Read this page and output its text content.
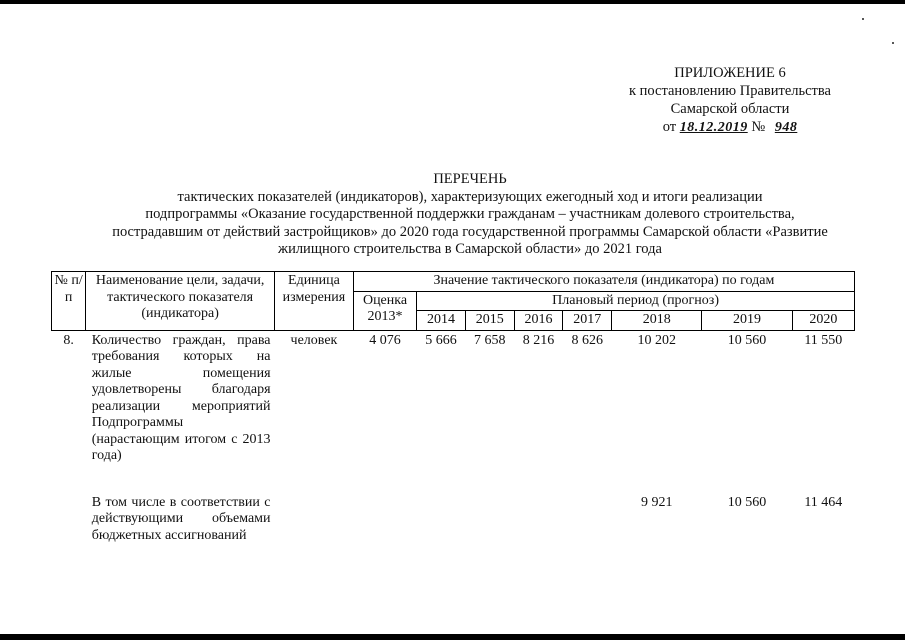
ПРИЛОЖЕНИЕ 6
к постановлению Правительства
Самарской области
от 18.12.2019 № 948
ПЕРЕЧЕНЬ
тактических показателей (индикаторов), характеризующих ежегодный ход и итоги реализации
подпрограммы «Оказание государственной поддержки гражданам – участникам долевого строительства,
пострадавшим от действий застройщиков» до 2020 года государственной программы Самарской области «Развитие
жилищного строительства в Самарской области» до 2021 года
№ п/п	Наименование цели, задачи, тактического показателя (индикатора)	Единица измерения	Значение тактического показателя (индикатора) по годам							
			Оценка 2013*	Плановый период (прогноз)						
				2014	2015	2016	2017	2018	2019	2020
8.	Количество граждан, права требования которых на жилые помещения удовлетворены благодаря реализации мероприятий Подпрограммы (нарастающим итогом с 2013 года)	человек	4 076	5 666	7 658	8 216	8 626	10 202	10 560	11 550

	В том числе в соответствии с действующими объемами бюджетных ассигнований							9 921	10 560	11 464
